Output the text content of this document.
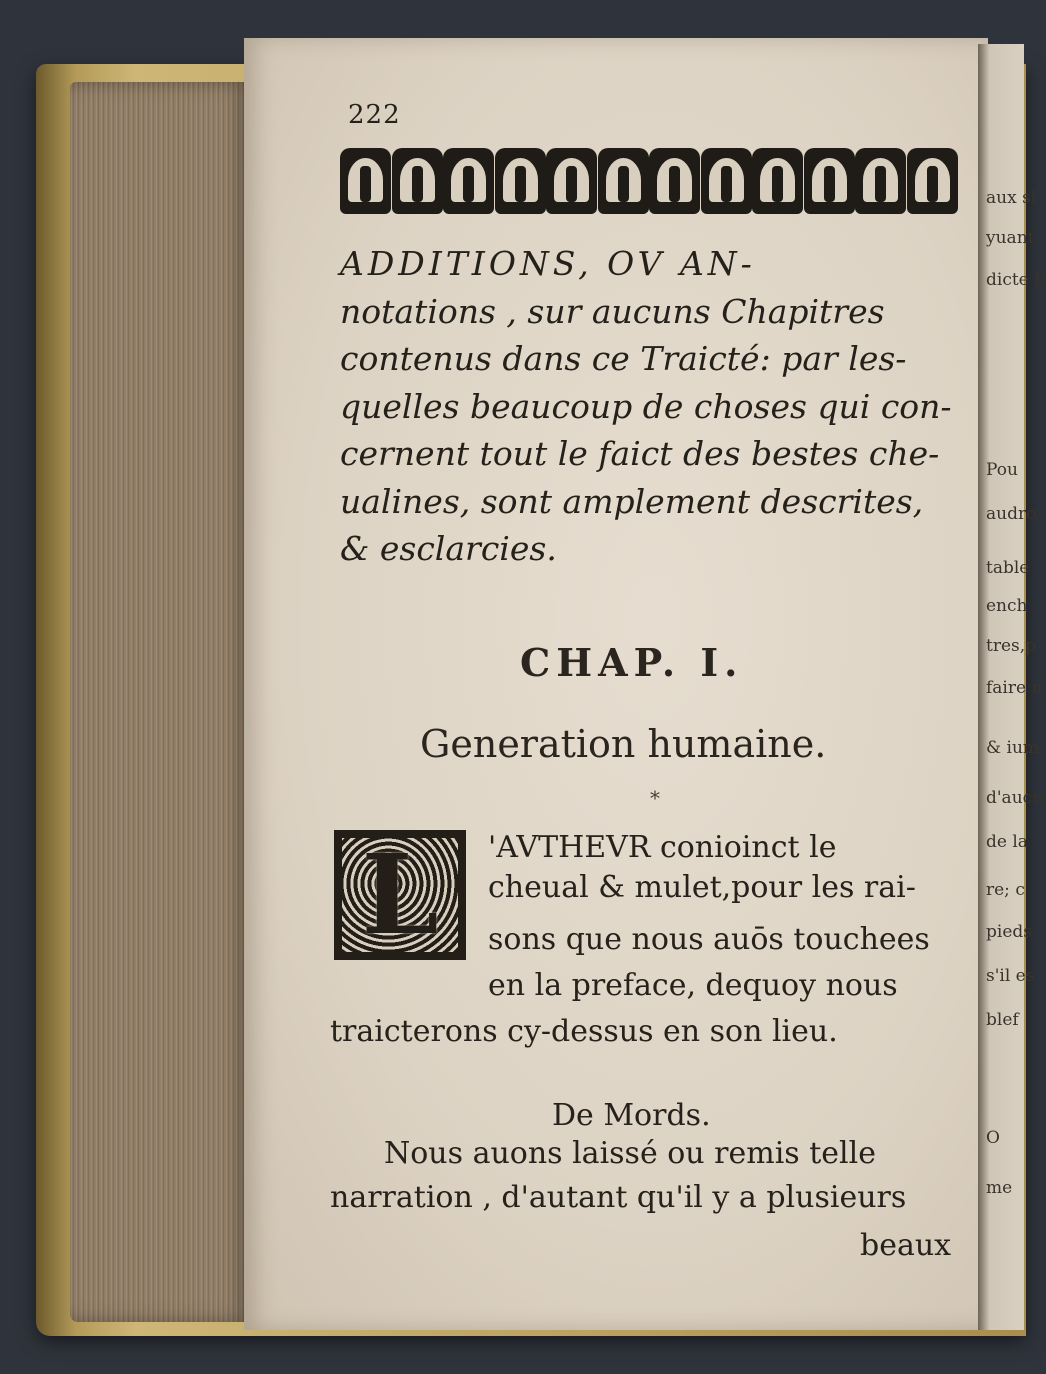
aux si
yuant
dicte P
Pou
audro
table
ench
tres,p
faire n
& ium
d'aucu
de la
re; c
pieds
s'il es
blef
O
me
222
ADDITIONS, OV AN-
notations , sur aucuns Chapitres
contenus dans ce Traicté: par les-
quelles beaucoup de choses qui con-
cernent tout le faict des bestes che-
ualines, sont amplement descrites,
& esclarcies.
CHAP. I.
Generation humaine.
*
L 'AVTHEVR conioinct le
cheual & mulet,pour les rai-
sons que nous auōs touchees
en la preface, dequoy nous
traicterons cy-dessus en son lieu.
De Mords.
Nous auons laissé ou remis telle
narration , d'autant qu'il y a plusieurs
beaux
